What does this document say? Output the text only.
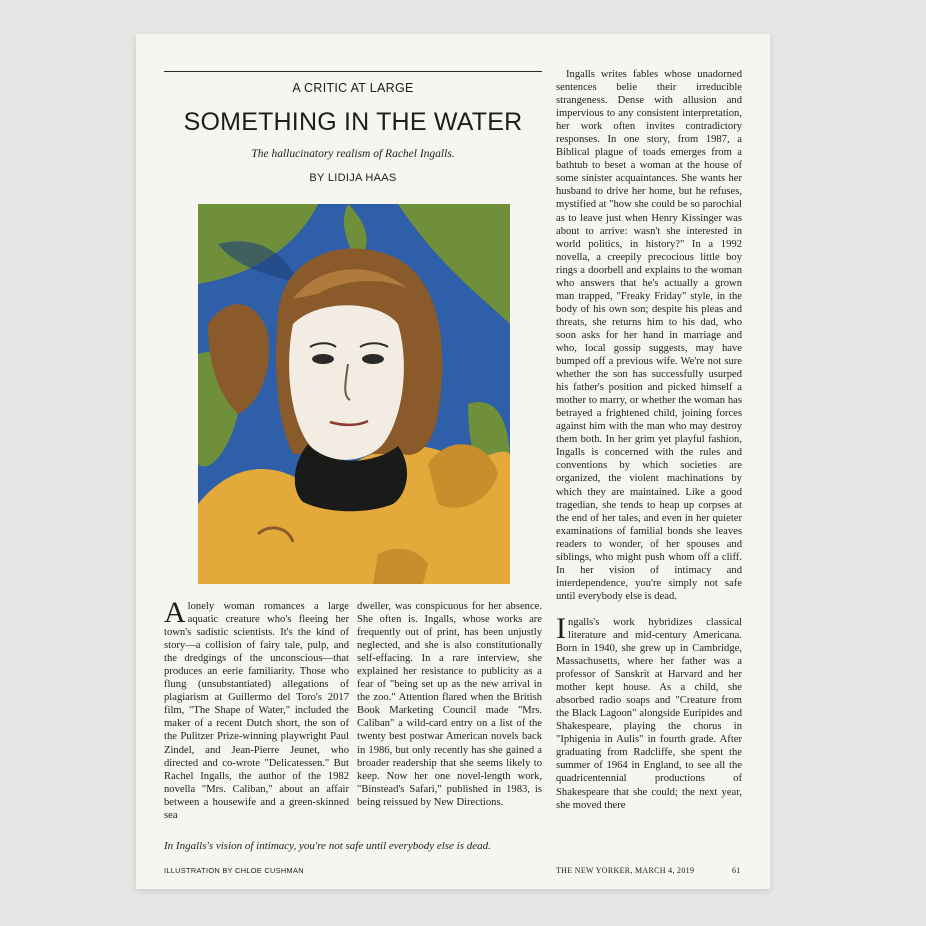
A CRITIC AT LARGE
SOMETHING IN THE WATER
The hallucinatory realism of Rachel Ingalls.
BY LIDIJA HAAS

Alonely woman romances a large aquatic creature who's fleeing her town's sadistic scientists. It's the kind of story—a collision of fairy tale, pulp, and the dredgings of the unconscious—that produces an eerie familiarity. Those who flung (unsubstantiated) allegations of plagiarism at Guillermo del Toro's 2017 film, "The Shape of Water," included the maker of a recent Dutch short, the son of the Pulitzer Prize-winning playwright Paul Zindel, and Jean-Pierre Jeunet, who directed and co-wrote "Delicatessen." But Rachel Ingalls, the author of the 1982 novella "Mrs. Caliban," about an affair between a housewife and a green-skinned sea

dweller, was conspicuous for her absence. She often is. Ingalls, whose works are frequently out of print, has been unjustly neglected, and she is also constitutionally self-effacing. In a rare interview, she explained her resistance to publicity as a fear of "being set up as the new arrival in the zoo." Attention flared when the British Book Marketing Council made "Mrs. Caliban" a wild-card entry on a list of the twenty best postwar American novels back in 1986, but only recently has she gained a broader readership that she seems likely to keep. Now her one novel-length work, "Binstead's Safari," published in 1983, is being reissued by New Directions.

Ingalls writes fables whose unadorned sentences belie their irreducible strangeness. Dense with allusion and impervious to any consistent interpretation, her work often invites contradictory responses. In one story, from 1987, a Biblical plague of toads emerges from a bathtub to beset a woman at the house of some sinister acquaintances. She wants her husband to drive her home, but he refuses, mystified at "how she could be so parochial as to leave just when Henry Kissinger was about to arrive: wasn't she interested in world politics, in history?" In a 1992 novella, a creepily precocious little boy rings a doorbell and explains to the woman who answers that he's actually a grown man trapped, "Freaky Friday" style, in the body of his own son; despite his pleas and threats, she returns him to his dad, who soon asks for her hand in marriage and who, local gossip suggests, may have bumped off a previous wife. We're not sure whether the son has successfully usurped his father's position and picked himself a mother to marry, or whether the woman has betrayed a frightened child, joining forces against him with the man who may destroy them both. In her grim yet playful fashion, Ingalls is concerned with the rules and conventions by which societies are organized, the violent machinations by which they are maintained. Like a good tragedian, she tends to heap up corpses at the end of her tales, and even in her quieter examinations of familial bonds she leaves readers to wonder, of her spouses and siblings, who might push whom off a cliff. In her vision of intimacy and interdependence, you're simply not safe until everybody else is dead.

Ingalls's work hybridizes classical literature and mid-century Americana. Born in 1940, she grew up in Cambridge, Massachusetts, where her father was a professor of Sanskrit at Harvard and her mother kept house. As a child, she absorbed radio soaps and "Creature from the Black Lagoon" alongside Euripides and Shakespeare, playing the chorus in "Iphigenia in Aulis" in fourth grade. After graduating from Radcliffe, she spent the summer of 1964 in England, to see all the quadricentennial productions of Shakespeare that she could; the next year, she moved there

In Ingalls's vision of intimacy, you're not safe until everybody else is dead.
ILLUSTRATION BY CHLOE CUSHMAN	THE NEW YORKER, MARCH 4, 2019	61
